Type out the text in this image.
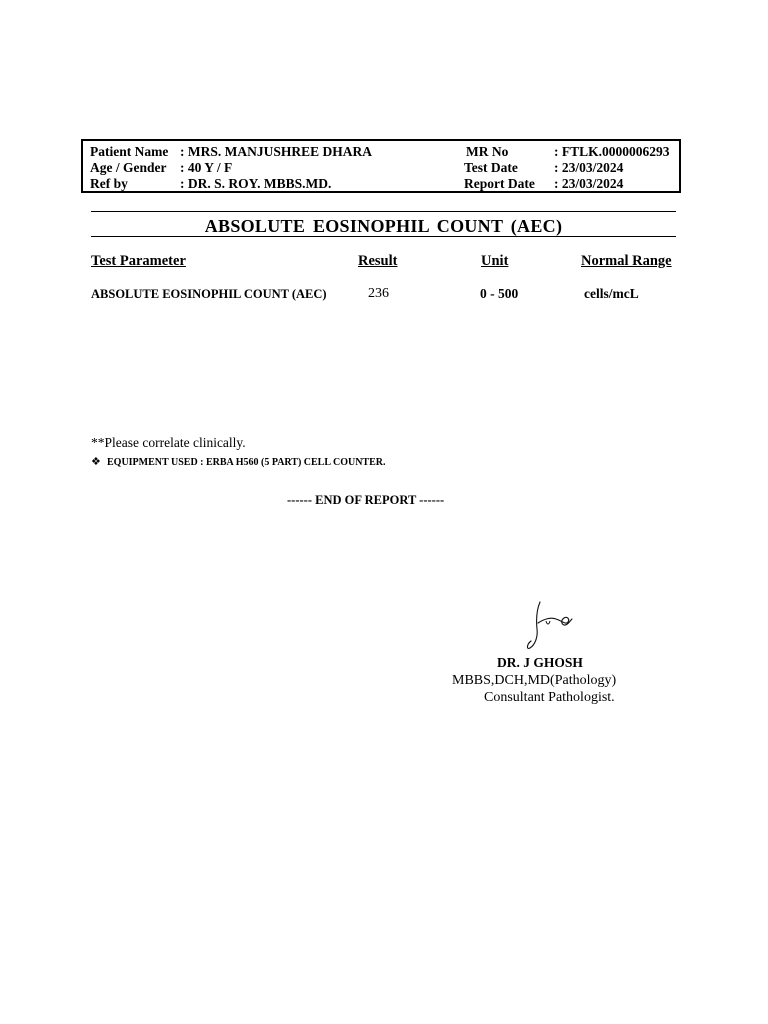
Patient Name : MRS. MANJUSHREE DHARA
Age / Gender : 40 Y / F
Ref by	: DR. S. ROY. MBBS.MD.
MR No	: FTLK.0000006293
Test Date	: 23/03/2024
Report Date : 23/03/2024
ABSOLUTE EOSINOPHIL COUNT (AEC)
Test Parameter	Result	Unit	Normal Range
ABSOLUTE EOSINOPHIL COUNT (AEC)	236	0 - 500	cells/mcL
**Please correlate clinically.
❖ EQUIPMENT USED : ERBA H560 (5 PART) CELL COUNTER.
------ END OF REPORT ------
DR. J GHOSH
MBBS,DCH,MD(Pathology)
Consultant Pathologist.
